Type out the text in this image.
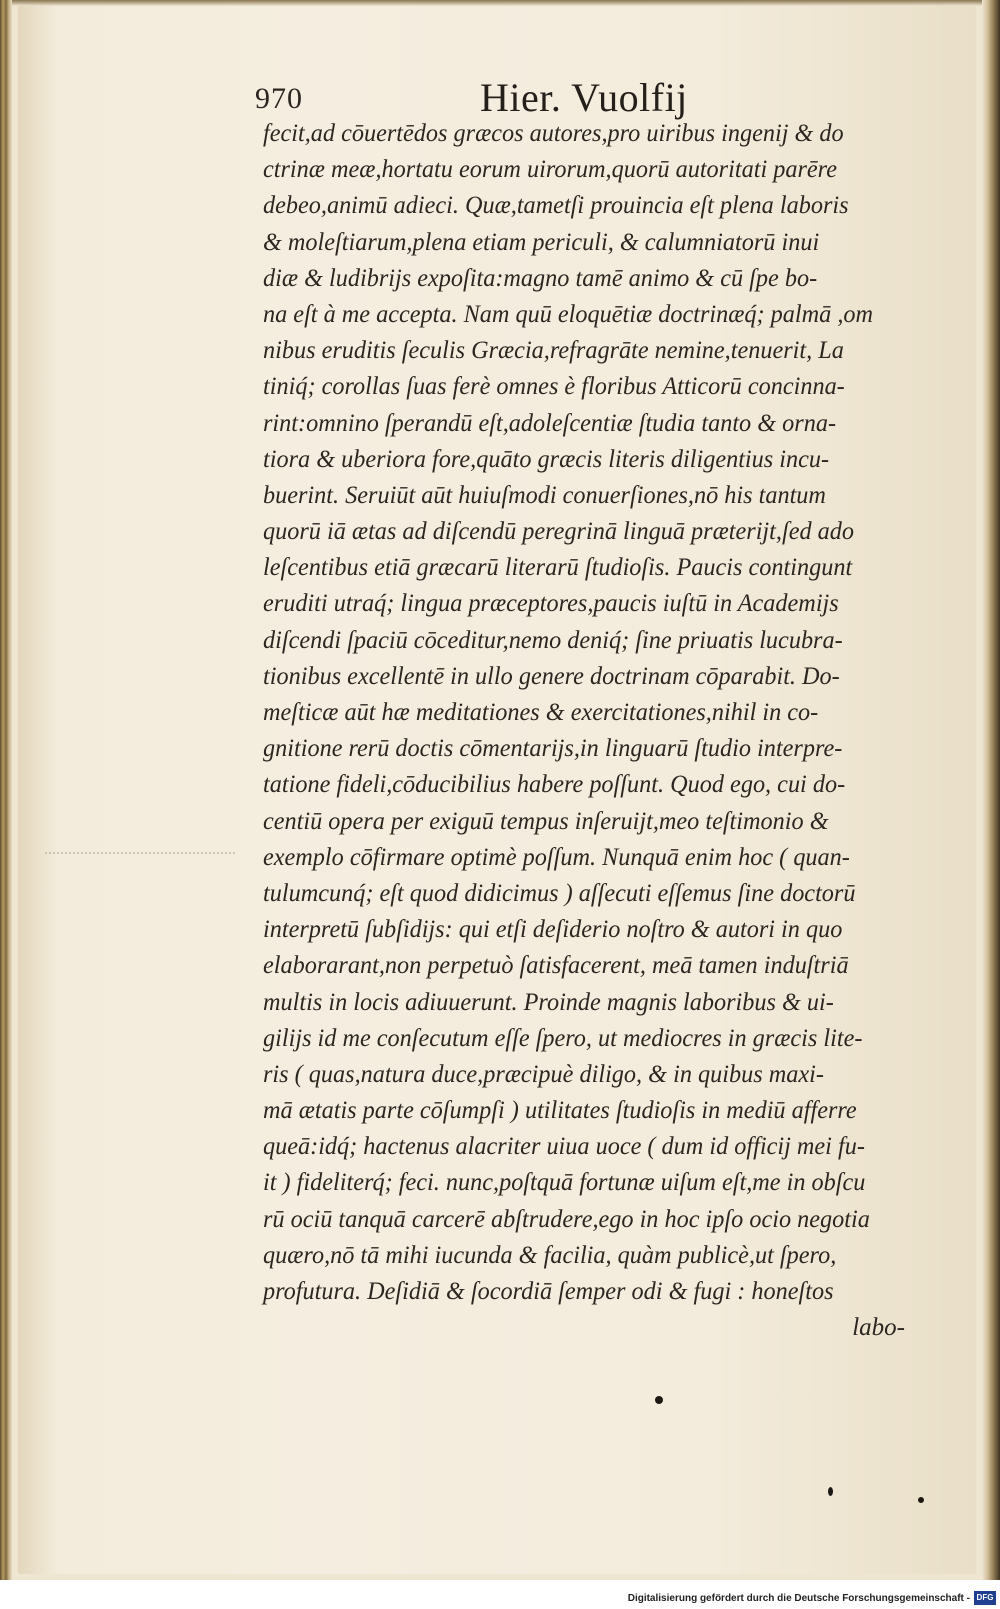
970	Hier. Vuolfij
fecit,ad cōuertēdos græcos autores,pro uiribus ingenij & do
ctrinæ meæ,hortatu eorum uirorum,quorū autoritati parēre
debeo,animū adieci. Quæ,tametſi prouincia eſt plena laboris
& moleſtiarum,plena etiam periculi, & calumniatorū inui
diæ & ludibrijs expoſita:magno tamē animo & cū ſpe bo-
na eſt à me accepta. Nam quū eloquētiæ doctrinæq́; palmā ,om
nibus eruditis ſeculis Græcia,refragrāte nemine,tenuerit, La
tiniq́; corollas ſuas ferè omnes è floribus Atticorū concinna-
rint:omnino ſperandū eſt,adoleſcentiæ ſtudia tanto & orna-
tiora & uberiora fore,quāto græcis literis diligentius incu-
buerint. Seruiūt aūt huiuſmodi conuerſiones,nō his tantum
quorū iā ætas ad diſcendū peregrinā linguā præterijt,ſed ado
leſcentibus etiā græcarū literarū ſtudioſis. Paucis contingunt
eruditi utraq́; lingua præceptores,paucis iuſtū in Academijs
diſcendi ſpaciū cōceditur,nemo deniq́; ſine priuatis lucubra-
tionibus excellentē in ullo genere doctrinam cōparabit. Do-
meſticæ aūt hæ meditationes & exercitationes,nihil in co-
gnitione rerū doctis cōmentarijs,in linguarū ſtudio interpre-
tatione fideli,cōducibilius habere poſſunt. Quod ego, cui do-
centiū opera per exiguū tempus inſeruijt,meo teſtimonio &
exemplo cōfirmare optimè poſſum. Nunquā enim hoc ( quan-
tulumcunq́; eſt quod didicimus ) aſſecuti eſſemus ſine doctorū
interpretū ſubſidijs: qui etſi deſiderio noſtro & autori in quo
elaborarant,non perpetuò ſatisfacerent, meā tamen induſtriā
multis in locis adiuuerunt. Proinde magnis laboribus & ui-
gilijs id me conſecutum eſſe ſpero, ut mediocres in græcis lite-
ris ( quas,natura duce,præcipuè diligo, & in quibus maxi-
mā ætatis parte cōſumpſi ) utilitates ſtudioſis in mediū afferre
queā:idq́; hactenus alacriter uiua uoce ( dum id officij mei fu-
it ) fideliterq́; feci. nunc,poſtquā fortunæ uiſum eſt,me in obſcu
rū ociū tanquā carcerē abſtrudere,ego in hoc ipſo ocio negotia
quæro,nō tā mihi iucunda & facilia, quàm publicè,ut ſpero,
profutura. Deſidiā & ſocordiā ſemper odi & fugi : honeſtos
labo-
Digitalisierung gefördert durch die Deutsche Forschungsgemeinschaft - DFG
